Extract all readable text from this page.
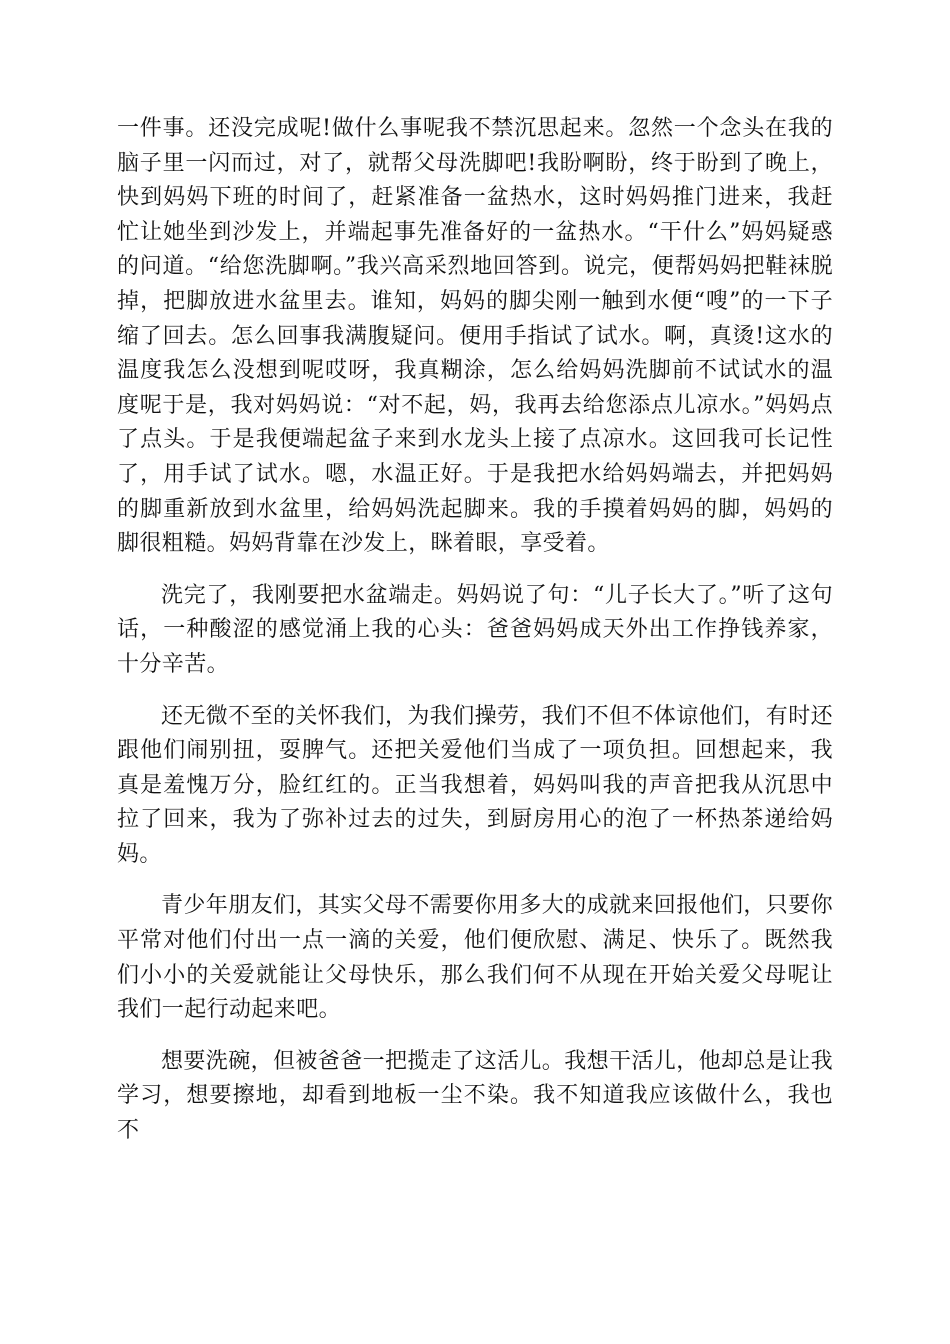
一件事。还没完成呢!做什么事呢我不禁沉思起来。忽然一个念头在我的脑子里一闪而过，对了，就帮父母洗脚吧!我盼啊盼，终于盼到了晚上，快到妈妈下班的时间了，赶紧准备一盆热水，这时妈妈推门进来，我赶忙让她坐到沙发上，并端起事先准备好的一盆热水。“干什么”妈妈疑惑的问道。“给您洗脚啊。”我兴高采烈地回答到。说完，便帮妈妈把鞋袜脱掉，把脚放进水盆里去。谁知，妈妈的脚尖刚一触到水便“嗖”的一下子缩了回去。怎么回事我满腹疑问。便用手指试了试水。啊，真烫!这水的温度我怎么没想到呢哎呀，我真糊涂，怎么给妈妈洗脚前不试试水的温度呢于是，我对妈妈说：“对不起，妈，我再去给您添点儿凉水。”妈妈点了点头。于是我便端起盆子来到水龙头上接了点凉水。这回我可长记性了，用手试了试水。嗯，水温正好。于是我把水给妈妈端去，并把妈妈的脚重新放到水盆里，给妈妈洗起脚来。我的手摸着妈妈的脚，妈妈的脚很粗糙。妈妈背靠在沙发上，眯着眼，享受着。

洗完了，我刚要把水盆端走。妈妈说了句：“儿子长大了。”听了这句话，一种酸涩的感觉涌上我的心头：爸爸妈妈成天外出工作挣钱养家，十分辛苦。

还无微不至的关怀我们，为我们操劳，我们不但不体谅他们，有时还跟他们闹别扭，耍脾气。还把关爱他们当成了一项负担。回想起来，我真是羞愧万分，脸红红的。正当我想着，妈妈叫我的声音把我从沉思中拉了回来，我为了弥补过去的过失，到厨房用心的泡了一杯热茶递给妈妈。

青少年朋友们，其实父母不需要你用多大的成就来回报他们，只要你平常对他们付出一点一滴的关爱，他们便欣慰、满足、快乐了。既然我们小小的关爱就能让父母快乐，那么我们何不从现在开始关爱父母呢让我们一起行动起来吧。

想要洗碗，但被爸爸一把揽走了这活儿。我想干活儿，他却总是让我学习，想要擦地，却看到地板一尘不染。我不知道我应该做什么，我也不
